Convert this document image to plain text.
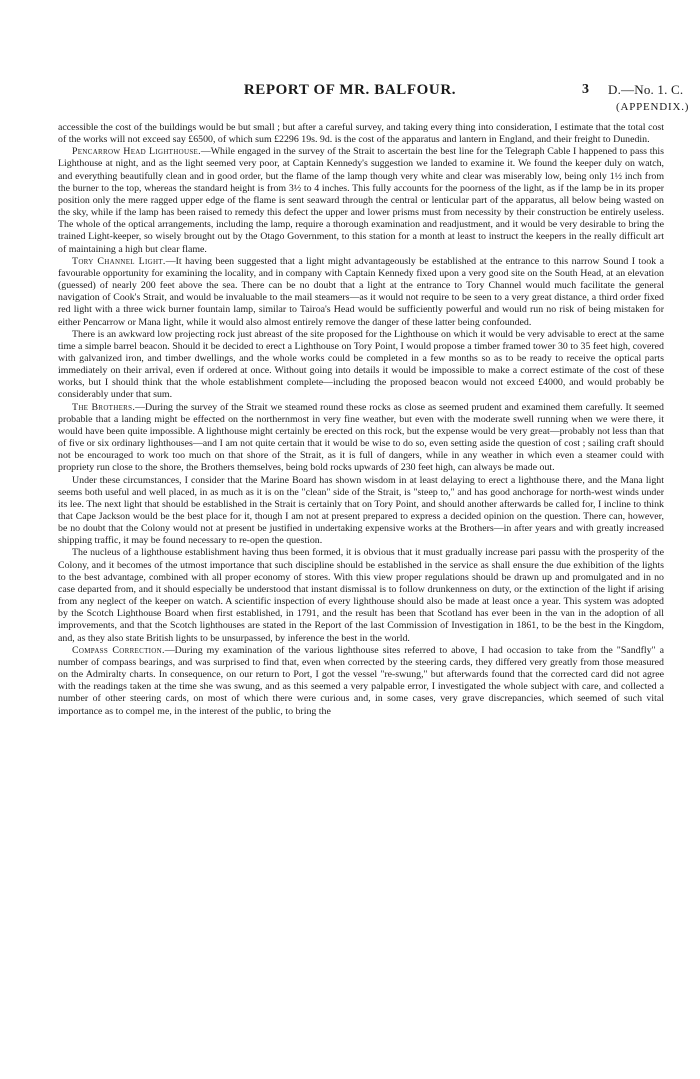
REPORT OF MR. BALFOUR.	3 D.—No. 1. C.
(APPENDIX.)

accessible the cost of the buildings would be but small ; but after a careful survey, and taking every thing into consideration, I estimate that the total cost of the works will not exceed say £6500, of which sum £2296 19s. 9d. is the cost of the apparatus and lantern in England, and their freight to Dunedin.

Pencarrow Head Lighthouse.—While engaged in the survey of the Strait to ascertain the best line for the Telegraph Cable I happened to pass this Lighthouse at night, and as the light seemed very poor, at Captain Kennedy's suggestion we landed to examine it. We found the keeper duly on watch, and everything beautifully clean and in good order, but the flame of the lamp though very white and clear was miserably low, being only 1½ inch from the burner to the top, whereas the standard height is from 3½ to 4 inches. This fully accounts for the poorness of the light, as if the lamp be in its proper position only the mere ragged upper edge of the flame is sent seaward through the central or lenticular part of the apparatus, all below being wasted on the sky, while if the lamp has been raised to remedy this defect the upper and lower prisms must from necessity by their construction be entirely useless. The whole of the optical arrangements, including the lamp, require a thorough examination and readjustment, and it would be very desirable to bring the trained Light-keeper, so wisely brought out by the Otago Government, to this station for a month at least to instruct the keepers in the really difficult art of maintaining a high but clear flame.

Tory Channel Light.—It having been suggested that a light might advantageously be established at the entrance to this narrow Sound I took a favourable opportunity for examining the locality, and in company with Captain Kennedy fixed upon a very good site on the South Head, at an elevation (guessed) of nearly 200 feet above the sea. There can be no doubt that a light at the entrance to Tory Channel would much facilitate the general navigation of Cook's Strait, and would be invaluable to the mail steamers—as it would not require to be seen to a very great distance, a third order fixed red light with a three wick burner fountain lamp, similar to Tairoa's Head would be sufficiently powerful and would run no risk of being mistaken for either Pencarrow or Mana light, while it would also almost entirely remove the danger of these latter being confounded.

There is an awkward low projecting rock just abreast of the site proposed for the Lighthouse on which it would be very advisable to erect at the same time a simple barrel beacon. Should it be decided to erect a Lighthouse on Tory Point, I would propose a timber framed tower 30 to 35 feet high, covered with galvanized iron, and timber dwellings, and the whole works could be completed in a few months so as to be ready to receive the optical parts immediately on their arrival, even if ordered at once. Without going into details it would be impossible to make a correct estimate of the cost of these works, but I should think that the whole establishment complete—including the proposed beacon would not exceed £4000, and would probably be considerably under that sum.

The Brothers.—During the survey of the Strait we steamed round these rocks as close as seemed prudent and examined them carefully. It seemed probable that a landing might be effected on the northernmost in very fine weather, but even with the moderate swell running when we were there, it would have been quite impossible. A lighthouse might certainly be erected on this rock, but the expense would be very great—probably not less than that of five or six ordinary lighthouses—and I am not quite certain that it would be wise to do so, even setting aside the question of cost ; sailing craft should not be encouraged to work too much on that shore of the Strait, as it is full of dangers, while in any weather in which even a steamer could with propriety run close to the shore, the Brothers themselves, being bold rocks upwards of 230 feet high, can always be made out.

Under these circumstances, I consider that the Marine Board has shown wisdom in at least delaying to erect a lighthouse there, and the Mana light seems both useful and well placed, in as much as it is on the "clean" side of the Strait, is "steep to," and has good anchorage for north-west winds under its lee. The next light that should be established in the Strait is certainly that on Tory Point, and should another afterwards be called for, I incline to think that Cape Jackson would be the best place for it, though I am not at present prepared to express a decided opinion on the question. There can, however, be no doubt that the Colony would not at present be justified in undertaking expensive works at the Brothers—in after years and with greatly increased shipping traffic, it may be found necessary to re-open the question.

The nucleus of a lighthouse establishment having thus been formed, it is obvious that it must gradually increase pari passu with the prosperity of the Colony, and it becomes of the utmost importance that such discipline should be established in the service as shall ensure the due exhibition of the lights to the best advantage, combined with all proper economy of stores. With this view proper regulations should be drawn up and promulgated and in no case departed from, and it should especially be understood that instant dismissal is to follow drunkenness on duty, or the extinction of the light if arising from any neglect of the keeper on watch. A scientific inspection of every lighthouse should also be made at least once a year. This system was adopted by the Scotch Lighthouse Board when first established, in 1791, and the result has been that Scotland has ever been in the van in the adoption of all improvements, and that the Scotch lighthouses are stated in the Report of the last Commission of Investigation in 1861, to be the best in the Kingdom, and, as they also state British lights to be unsurpassed, by inference the best in the world.

Compass Correction.—During my examination of the various lighthouse sites referred to above, I had occasion to take from the "Sandfly" a number of compass bearings, and was surprised to find that, even when corrected by the steering cards, they differed very greatly from those measured on the Admiralty charts. In consequence, on our return to Port, I got the vessel "re-swung," but afterwards found that the corrected card did not agree with the readings taken at the time she was swung, and as this seemed a very palpable error, I investigated the whole subject with care, and collected a number of other steering cards, on most of which there were curious and, in some cases, very grave discrepancies, which seemed of such vital importance as to compel me, in the interest of the public, to bring the
